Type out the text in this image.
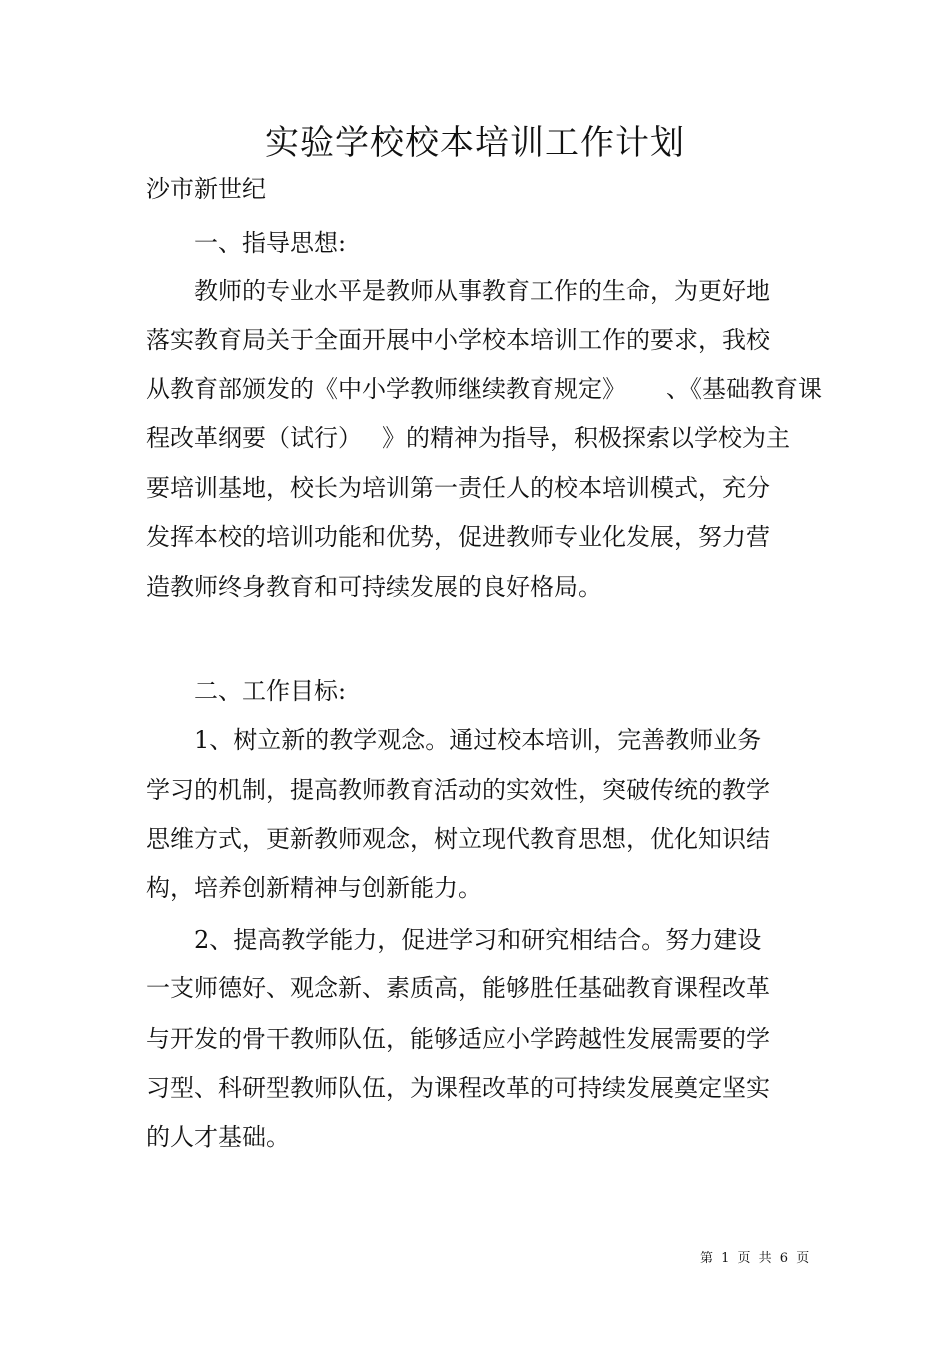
实验学校校本培训工作计划

沙市新世纪

一、指导思想:

教师的专业水平是教师从事教育工作的生命，为更好地

落实教育局关于全面开展中小学校本培训工作的要求，我校

从教育部颁发的《中小学教师继续教育规定》 、《基础教育课

程改革纲要（试行） 》的精神为指导，积极探索以学校为主

要培训基地，校长为培训第一责任人的校本培训模式，充分

发挥本校的培训功能和优势，促进教师专业化发展，努力营

造教师终身教育和可持续发展的良好格局。

二、工作目标:

1、树立新的教学观念。通过校本培训，完善教师业务

学习的机制，提高教师教育活动的实效性，突破传统的教学

思维方式，更新教师观念，树立现代教育思想，优化知识结

构，培养创新精神与创新能力。

2、提高教学能力，促进学习和研究相结合。努力建设

一支师德好、观念新、素质高，能够胜任基础教育课程改革

与开发的骨干教师队伍，能够适应小学跨越性发展需要的学

习型、科研型教师队伍，为课程改革的可持续发展奠定坚实

的人才基础。

第 1 页 共 6 页
